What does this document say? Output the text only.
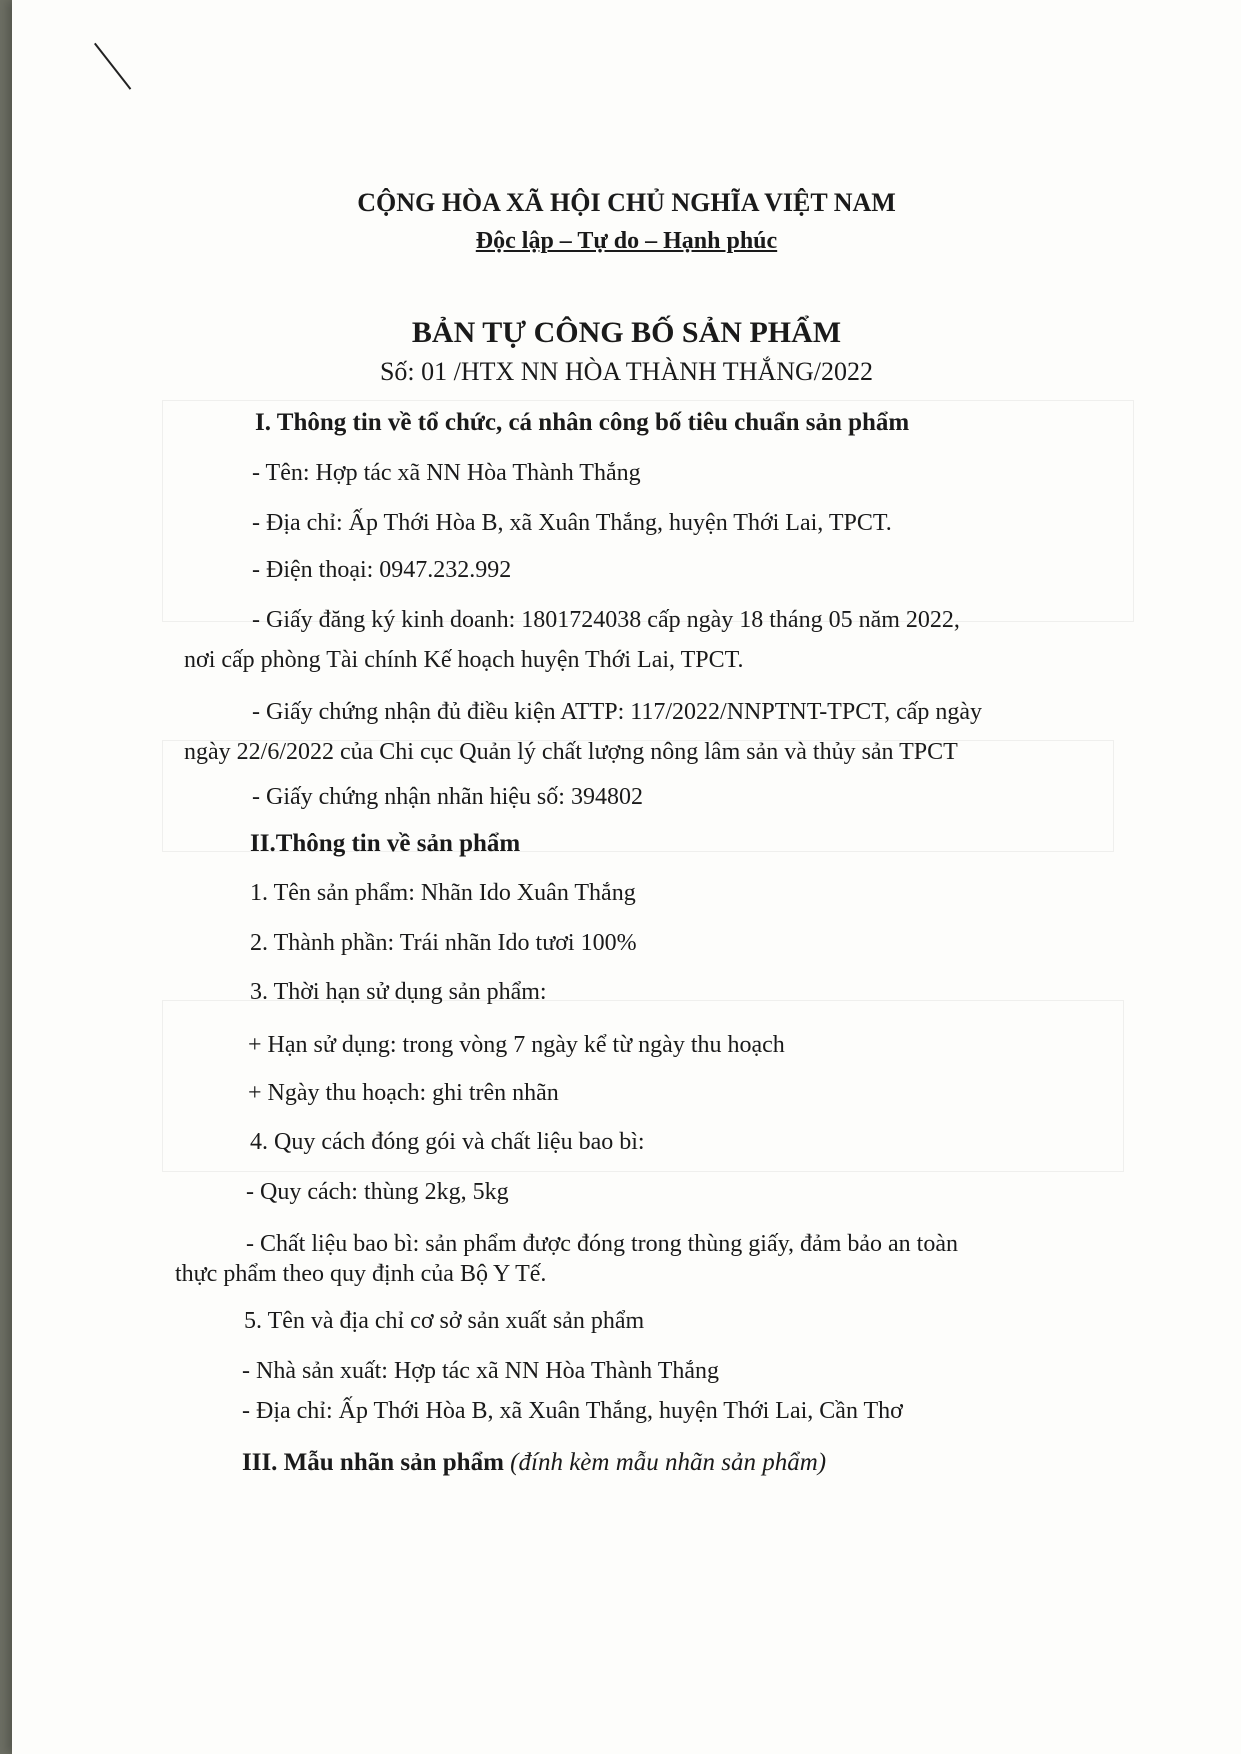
CỘNG HÒA XÃ HỘI CHỦ NGHĨA VIỆT NAM
Độc lập – Tự do – Hạnh phúc
BẢN TỰ CÔNG BỐ SẢN PHẨM
Số: 01 /HTX NN HÒA THÀNH THẮNG/2022
I. Thông tin về tổ chức, cá nhân công bố tiêu chuẩn sản phẩm
- Tên: Hợp tác xã NN Hòa Thành Thắng
- Địa chỉ: Ấp Thới Hòa B, xã Xuân Thắng, huyện Thới Lai, TPCT.
- Điện thoại: 0947.232.992
- Giấy đăng ký kinh doanh: 1801724038 cấp ngày 18 tháng 05 năm 2022,
nơi cấp phòng Tài chính Kế hoạch huyện Thới Lai, TPCT.
- Giấy chứng nhận đủ điều kiện ATTP: 117/2022/NNPTNT-TPCT, cấp ngày
ngày 22/6/2022 của Chi cục Quản lý chất lượng nông lâm sản và thủy sản TPCT
- Giấy chứng nhận nhãn hiệu số: 394802
II.Thông tin về sản phẩm
1. Tên sản phẩm: Nhãn Ido Xuân Thắng
2. Thành phần: Trái nhãn Ido tươi 100%
3. Thời hạn sử dụng sản phẩm:
+ Hạn sử dụng: trong vòng 7 ngày kể từ ngày thu hoạch
+ Ngày thu hoạch: ghi trên nhãn
4. Quy cách đóng gói và chất liệu bao bì:
- Quy cách: thùng 2kg, 5kg
- Chất liệu bao bì: sản phẩm được đóng trong thùng giấy, đảm bảo an toàn
thực phẩm theo quy định của Bộ Y Tế.
5. Tên và địa chỉ cơ sở sản xuất sản phẩm
- Nhà sản xuất: Hợp tác xã NN Hòa Thành Thắng
- Địa chỉ: Ấp Thới Hòa B, xã Xuân Thắng, huyện Thới Lai, Cần Thơ
III. Mẫu nhãn sản phẩm (đính kèm mẫu nhãn sản phẩm)
